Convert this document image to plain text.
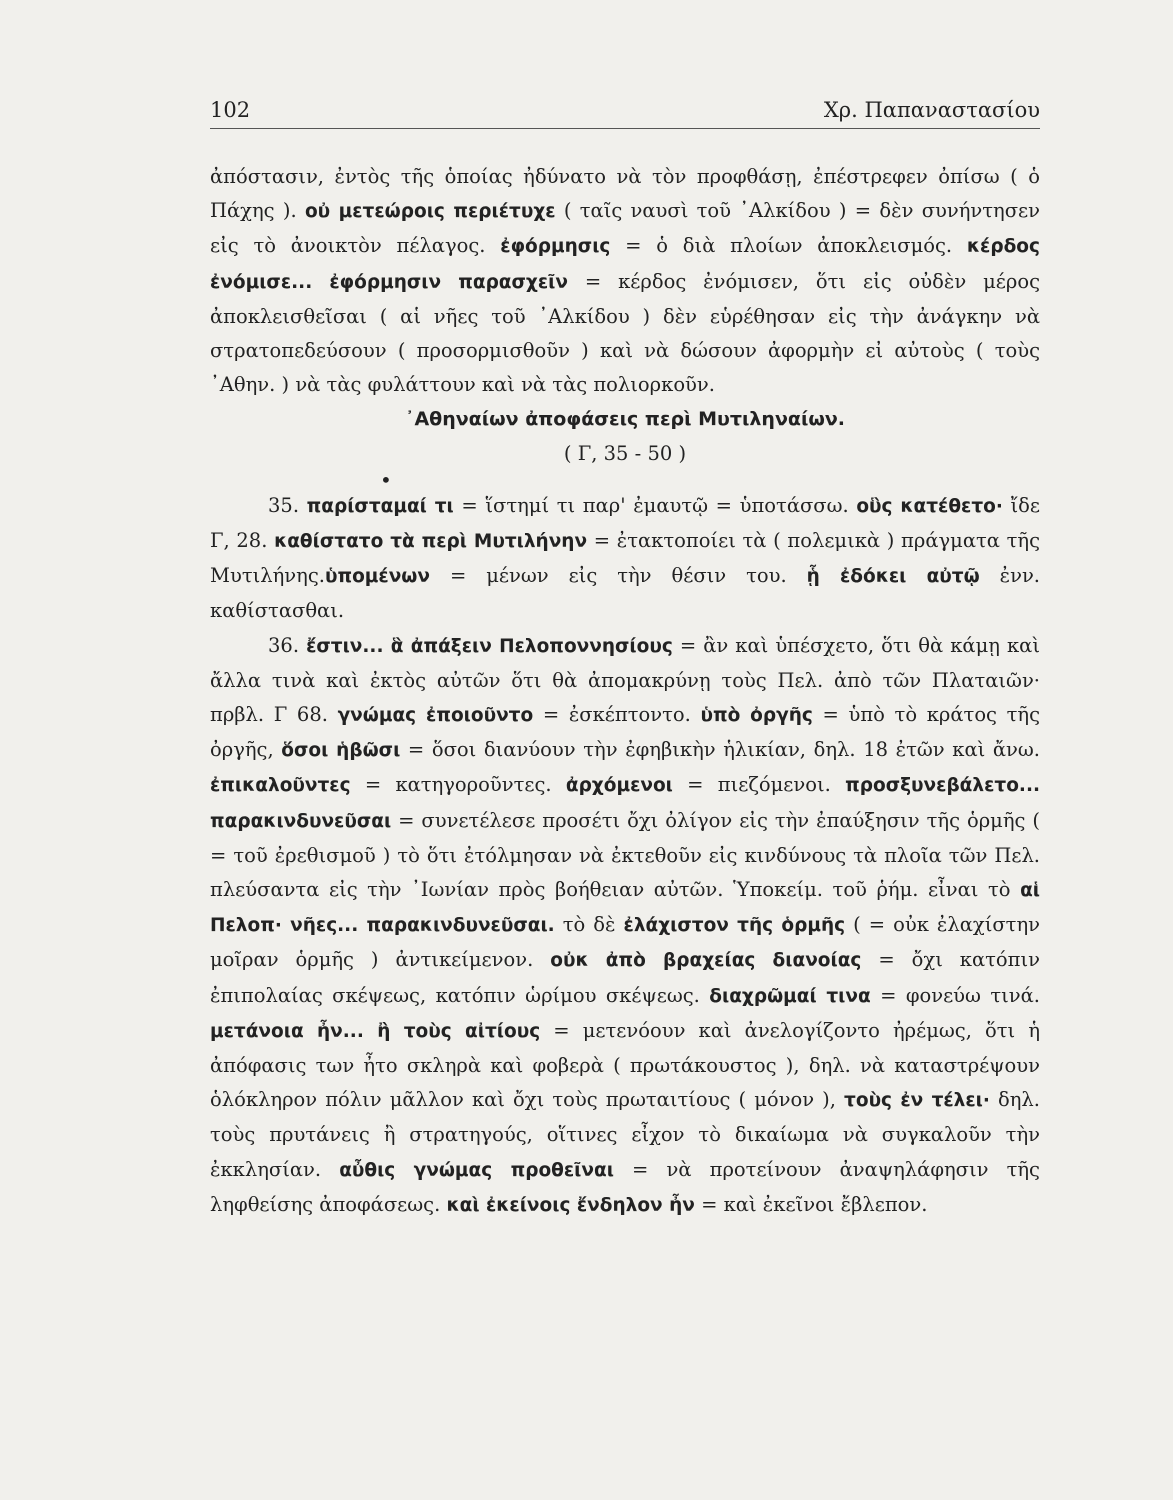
102	Χρ. Παπαναστασίου

ἀπόστασιν, ἐντὸς τῆς ὁποίας ἠδύνατο νὰ τὸν προφθάσῃ, ἐπέστρεφεν ὀπίσω ( ὁ Πάχης ). οὐ μετεώροις περιέτυχε ( ταῖς ναυσὶ τοῦ ᾿Αλκίδου ) = δὲν συνήντησεν εἰς τὸ ἀνοικτὸν πέλαγος. ἐφόρμησις = ὁ διὰ πλοίων ἀποκλεισμός. κέρδος ἐνόμισε... ἐφόρμησιν παρασχεῖν = κέρδος ἐνόμισεν, ὅτι εἰς οὐδὲν μέρος ἀποκλεισθεῖσαι ( αἱ νῆες τοῦ ᾿Αλκίδου ) δὲν εὑρέθησαν εἰς τὴν ἀνάγκην νὰ στρατοπεδεύσουν ( προσορμισθοῦν ) καὶ νὰ δώσουν ἀφορμὴν εἰ αὐτοὺς ( τοὺς ᾿Αθην. ) νὰ τὰς φυλάττουν καὶ νὰ τὰς πολιορκοῦν.

᾿Αθηναίων ἀποφάσεις περὶ Μυτιληναίων.

( Γ, 35 - 50 )

•

35. παρίσταμαί τι = ἵστημί τι παρ' ἐμαυτῷ = ὑποτάσσω. οὓς κατέθετο· ἴδε Γ, 28. καθίστατο τὰ περὶ Μυτιλήνην = ἐτακτοποίει τὰ ( πολεμικὰ ) πράγματα τῆς Μυτιλήνης.ὑπομένων = μένων εἰς τὴν θέσιν του. ᾗ ἐδόκει αὐτῷ ἐνν. καθίστασθαι.

36. ἔστιν... ἃ ἀπάξειν Πελοποννησίους = ἂν καὶ ὑπέσχετο, ὅτι θὰ κάμῃ καὶ ἄλλα τινὰ καὶ ἐκτὸς αὐτῶν ὅτι θὰ ἀπομακρύνῃ τοὺς Πελ. ἀπὸ τῶν Πλαταιῶν· πρβλ. Γ 68. γνώμας ἐποιοῦντο = ἐσκέπτοντο. ὑπὸ ὀργῆς = ὑπὸ τὸ κράτος τῆς ὀργῆς, ὅσοι ἡβῶσι = ὅσοι διανύουν τὴν ἐφηβικὴν ἡλικίαν, δηλ. 18 ἐτῶν καὶ ἄνω. ἐπικαλοῦντες = κατηγοροῦντες. ἀρχόμενοι = πιεζόμενοι. προσξυνεβάλετο... παρακινδυνεῦσαι = συνετέλεσε προσέτι ὄχι ὀλίγον εἰς τὴν ἐπαύξησιν τῆς ὁρμῆς ( = τοῦ ἐρεθισμοῦ ) τὸ ὅτι ἐτόλμησαν νὰ ἐκτεθοῦν εἰς κινδύνους τὰ πλοῖα τῶν Πελ. πλεύσαντα εἰς τὴν ᾿Ιωνίαν πρὸς βοήθειαν αὐτῶν. Ὑποκείμ. τοῦ ῥήμ. εἶναι τὸ αἱ Πελοπ· νῆες... παρακινδυνεῦσαι. τὸ δὲ ἐλάχιστον τῆς ὁρμῆς ( = οὐκ ἐλαχίστην μοῖραν ὁρμῆς ) ἀντικείμενον. οὐκ ἀπὸ βραχείας διανοίας = ὄχι κατόπιν ἐπιπολαίας σκέψεως, κατόπιν ὡρίμου σκέψεως. διαχρῶμαί τινα = φονεύω τινά. μετάνοια ἦν... ἢ τοὺς αἰτίους = μετενόουν καὶ ἀνελογίζοντο ἠρέμως, ὅτι ἡ ἀπόφασις των ἦτο σκληρὰ καὶ φοβερὰ ( πρωτάκουστος ), δηλ. νὰ καταστρέψουν ὁλόκληρον πόλιν μᾶλλον καὶ ὄχι τοὺς πρωταιτίους ( μόνον ), τοὺς ἐν τέλει· δηλ. τοὺς πρυτάνεις ἢ στρατηγούς, οἵτινες εἶχον τὸ δικαίωμα νὰ συγκαλοῦν τὴν ἐκκλησίαν. αὖθις γνώμας προθεῖναι = νὰ προτείνουν ἀναψηλάφησιν τῆς ληφθείσης ἀποφάσεως. καὶ ἐκείνοις ἔνδηλον ἦν = καὶ ἐκεῖνοι ἔβλεπον.
